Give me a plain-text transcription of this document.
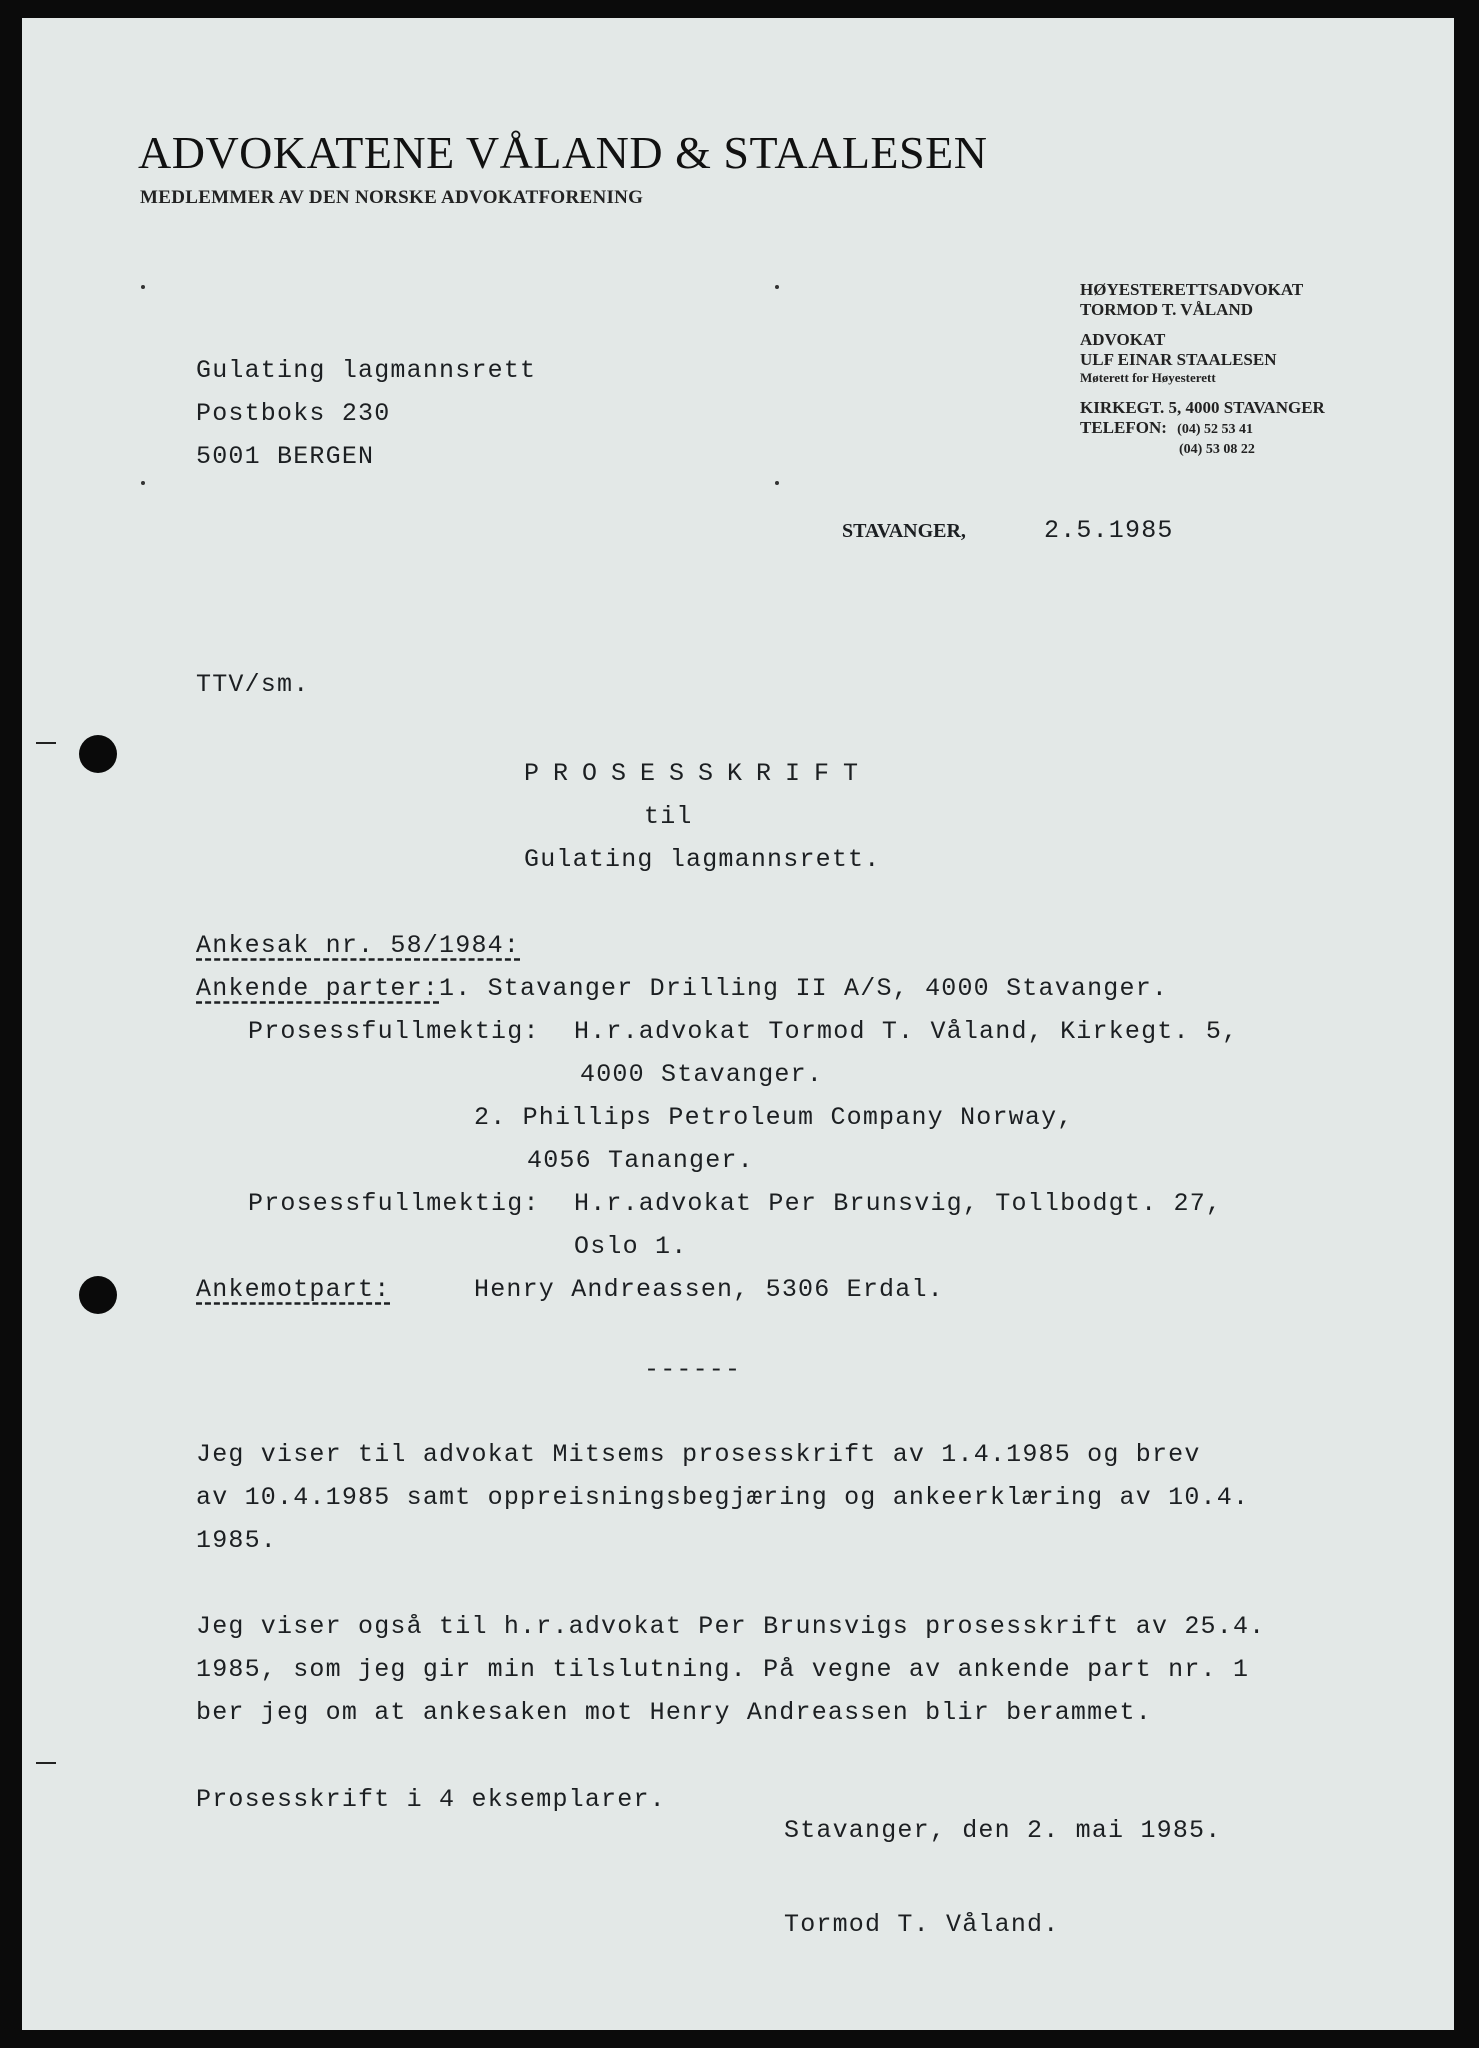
ADVOKATENE VÅLAND & STAALESEN
MEDLEMMER AV DEN NORSKE ADVOKATFORENING
HØYESTERETTSADVOKAT
TORMOD T. VÅLAND
ADVOKAT
ULF EINAR STAALESEN
Møterett for Høyesterett
KIRKEGT. 5, 4000 STAVANGER
TELEFON: (04) 52 53 41
(04) 53 08 22
Gulating lagmannsrett
Postboks 230
5001 BERGEN
STAVANGER,	2.5.1985
TTV/sm.
PROSESSKRIFT
til
Gulating lagmannsrett.
Ankesak nr. 58/1984:
Ankende parter: 1. Stavanger Drilling II A/S, 4000 Stavanger.
Prosessfullmektig: H.r.advokat Tormod T. Våland, Kirkegt. 5,
4000 Stavanger.
2. Phillips Petroleum Company Norway,
4056 Tananger.
Prosessfullmektig: H.r.advokat Per Brunsvig, Tollbodgt. 27,
Oslo 1.
Ankemotpart:	Henry Andreassen, 5306 Erdal.
------
Jeg viser til advokat Mitsems prosesskrift av 1.4.1985 og brev
av 10.4.1985 samt oppreisningsbegjæring og ankeerklæring av 10.4.
1985.
Jeg viser også til h.r.advokat Per Brunsvigs prosesskrift av 25.4.
1985, som jeg gir min tilslutning. På vegne av ankende part nr. 1
ber jeg om at ankesaken mot Henry Andreassen blir berammet.
Prosesskrift i 4 eksemplarer.
Stavanger, den 2. mai 1985.
Tormod T. Våland.
